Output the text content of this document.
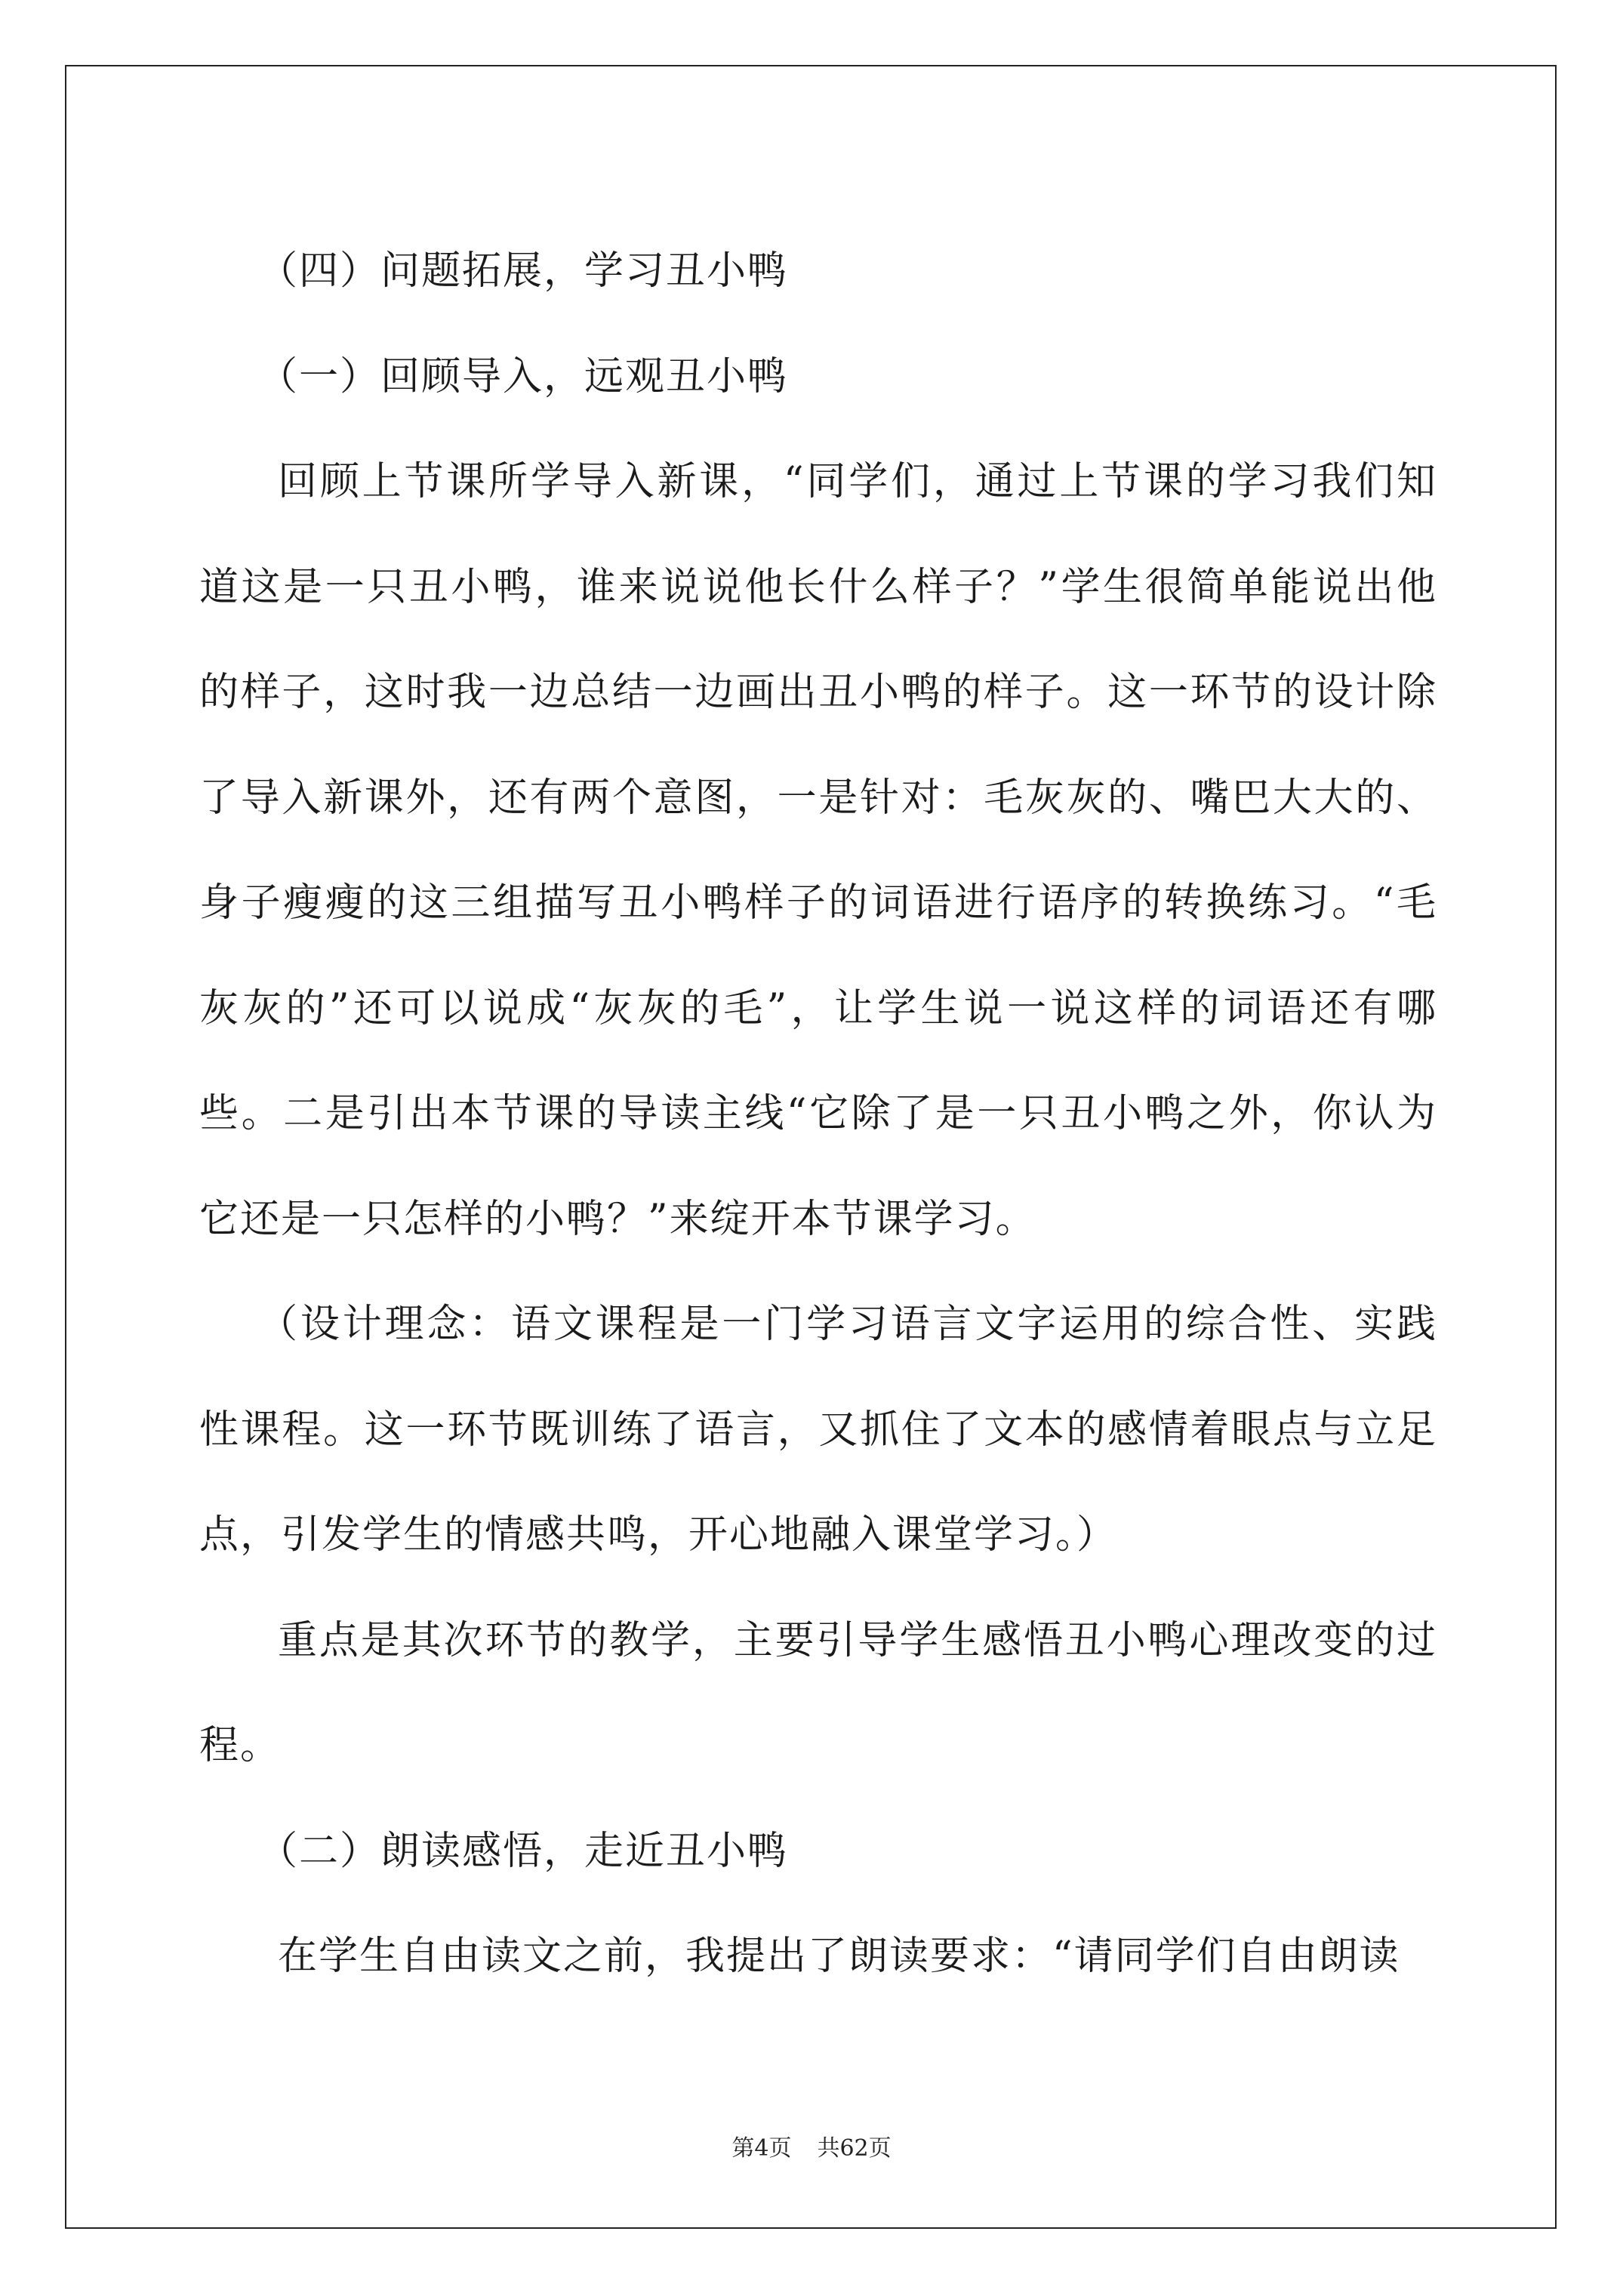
（四）问题拓展，学习丑小鸭

（一）回顾导入，远观丑小鸭

回顾上节课所学导入新课，“同学们，通过上节课的学习我们知道这是一只丑小鸭，谁来说说他长什么样子？”学生很简单能说出他的样子，这时我一边总结一边画出丑小鸭的样子。这一环节的设计除了导入新课外，还有两个意图，一是针对：毛灰灰的、嘴巴大大的、身子瘦瘦的这三组描写丑小鸭样子的词语进行语序的转换练习。“毛灰灰的”还可以说成“灰灰的毛”，让学生说一说这样的词语还有哪些。二是引出本节课的导读主线“它除了是一只丑小鸭之外，你认为它还是一只怎样的小鸭？”来绽开本节课学习。

（设计理念：语文课程是一门学习语言文字运用的综合性、实践性课程。这一环节既训练了语言，又抓住了文本的感情着眼点与立足点，引发学生的情感共鸣，开心地融入课堂学习。）

重点是其次环节的教学，主要引导学生感悟丑小鸭心理改变的过程。

（二）朗读感悟，走近丑小鸭

在学生自由读文之前，我提出了朗读要求：“请同学们自由朗读

第4页 共62页
